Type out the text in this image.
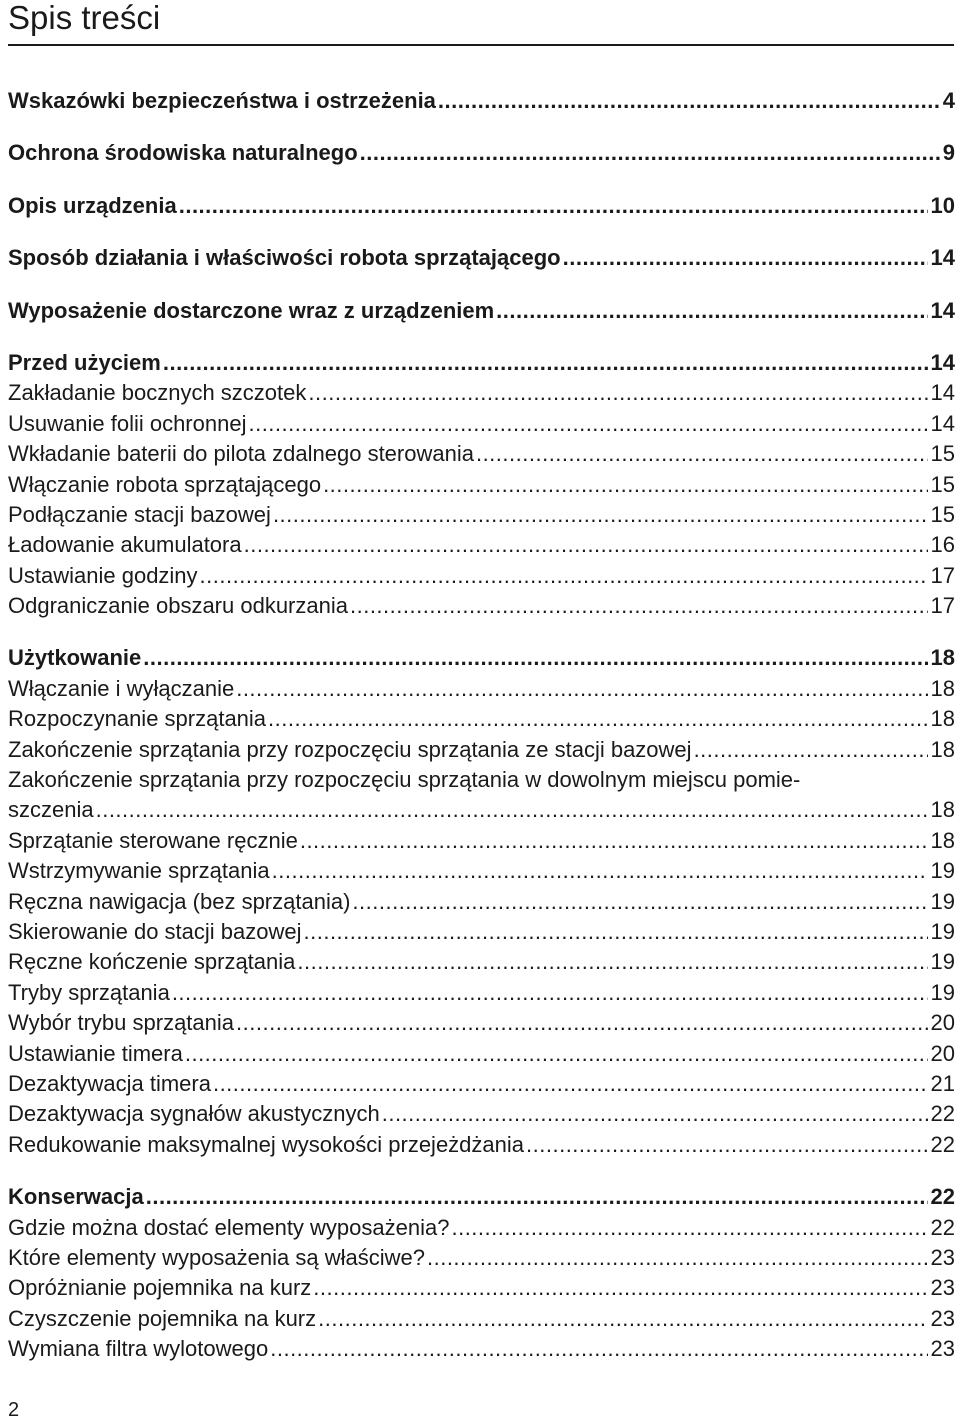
Spis treści
Wskazówki bezpieczeństwa i ostrzeżenia .....	4
Ochrona środowiska naturalnego .....	9
Opis urządzenia .....	10
Sposób działania i właściwości robota sprzątającego .....	14
Wyposażenie dostarczone wraz z urządzeniem .....	14
Przed użyciem .....	14
Zakładanie bocznych szczotek .....	14
Usuwanie folii ochronnej .....	14
Wkładanie baterii do pilota zdalnego sterowania .....	15
Włączanie robota sprzątającego .....	15
Podłączanie stacji bazowej .....	15
Ładowanie akumulatora .....	16
Ustawianie godziny .....	17
Odgraniczanie obszaru odkurzania .....	17
Użytkowanie .....	18
Włączanie i wyłączanie .....	18
Rozpoczynanie sprzątania .....	18
Zakończenie sprzątania przy rozpoczęciu sprzątania ze stacji bazowej .....	18
Zakończenie sprzątania przy rozpoczęciu sprzątania w dowolnym miejscu pomie-
szczenia .....	18
Sprzątanie sterowane ręcznie .....	18
Wstrzymywanie sprzątania .....	19
Ręczna nawigacja (bez sprzątania) .....	19
Skierowanie do stacji bazowej .....	19
Ręczne kończenie sprzątania .....	19
Tryby sprzątania .....	19
Wybór trybu sprzątania .....	20
Ustawianie timera .....	20
Dezaktywacja timera .....	21
Dezaktywacja sygnałów akustycznych .....	22
Redukowanie maksymalnej wysokości przejeżdżania .....	22
Konserwacja .....	22
Gdzie można dostać elementy wyposażenia? .....	22
Które elementy wyposażenia są właściwe? .....	23
Opróżnianie pojemnika na kurz .....	23
Czyszczenie pojemnika na kurz .....	23
Wymiana filtra wylotowego .....	23
2
